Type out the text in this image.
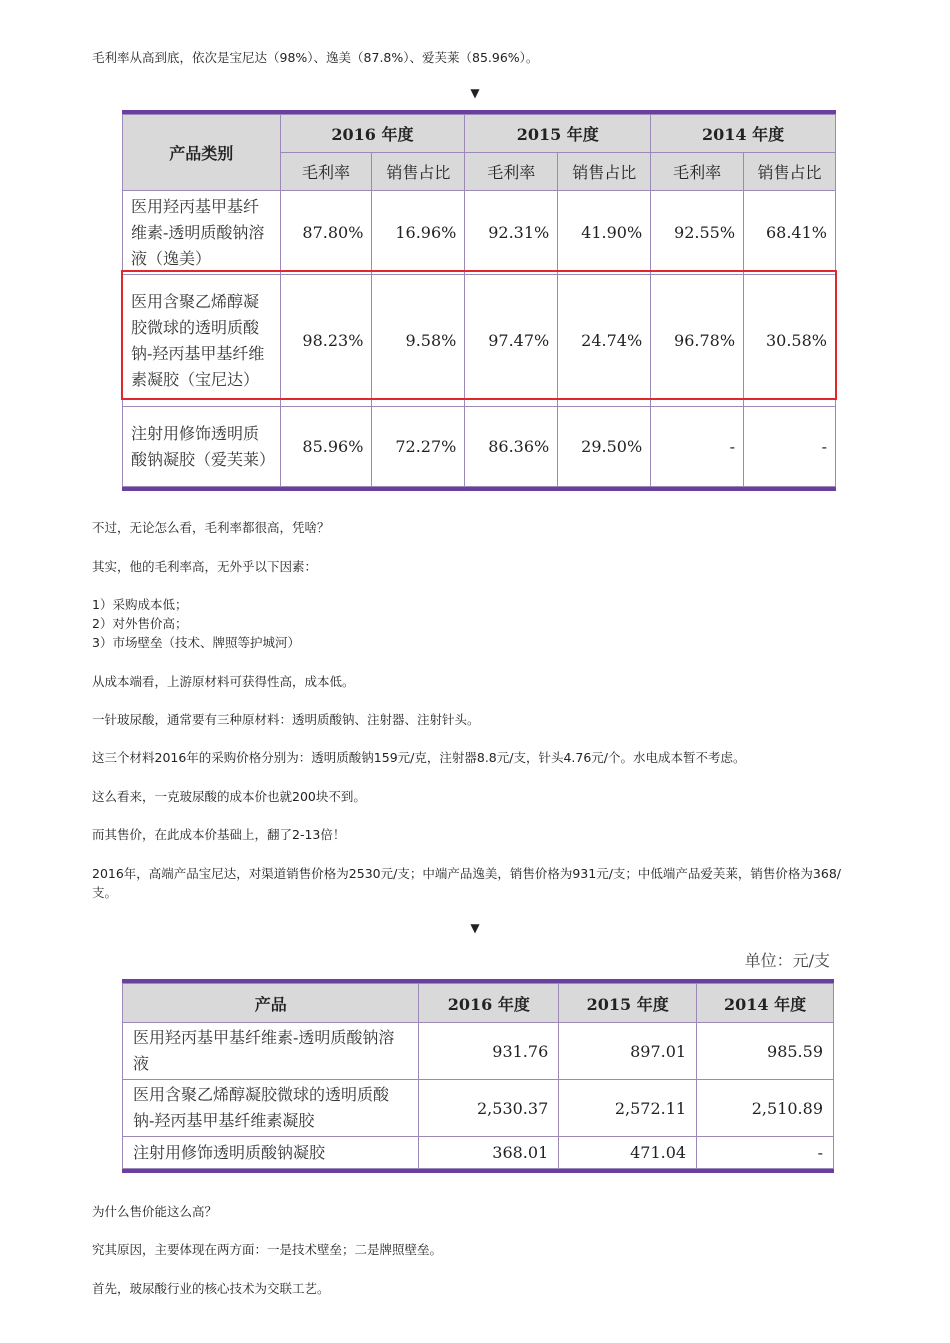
毛利率从高到底，依次是宝尼达（98%）、逸美（87.8%）、爱芙莱（85.96%）。

▼
产品类别	2016 年度		2015 年度		2014 年度	
	毛利率	销售占比	毛利率	销售占比	毛利率	销售占比
医用羟丙基甲基纤维素-透明质酸钠溶液（逸美）	87.80%	16.96%	92.31%	41.90%	92.55%	68.41%
医用含聚乙烯醇凝胶微球的透明质酸钠-羟丙基甲基纤维素凝胶（宝尼达）	98.23%	9.58%	97.47%	24.74%	96.78%	30.58%
注射用修饰透明质酸钠凝胶（爱芙莱）	85.96%	72.27%	86.36%	29.50%	-	-

不过，无论怎么看，毛利率都很高，凭啥？

其实，他的毛利率高，无外乎以下因素：

1）采购成本低；

2）对外售价高；

3）市场壁垒（技术、牌照等护城河）

从成本端看，上游原材料可获得性高，成本低。

一针玻尿酸，通常要有三种原材料：透明质酸钠、注射器、注射针头。

这三个材料2016年的采购价格分别为：透明质酸钠159元/克，注射器8.8元/支，针头4.76元/个。水电成本暂不考虑。

这么看来，一克玻尿酸的成本价也就200块不到。

而其售价，在此成本价基础上，翻了2-13倍！

2016年，高端产品宝尼达，对渠道销售价格为2530元/支；中端产品逸美，销售价格为931元/支；中低端产品爱芙莱，销售价格为368/支。

▼
单位：元/支
产品	2016 年度	2015 年度	2014 年度
医用羟丙基甲基纤维素-透明质酸钠溶液	931.76	897.01	985.59
医用含聚乙烯醇凝胶微球的透明质酸钠-羟丙基甲基纤维素凝胶	2,530.37	2,572.11	2,510.89
注射用修饰透明质酸钠凝胶	368.01	471.04	-

为什么售价能这么高？

究其原因，主要体现在两方面：一是技术壁垒；二是牌照壁垒。

首先，玻尿酸行业的核心技术为交联工艺。
